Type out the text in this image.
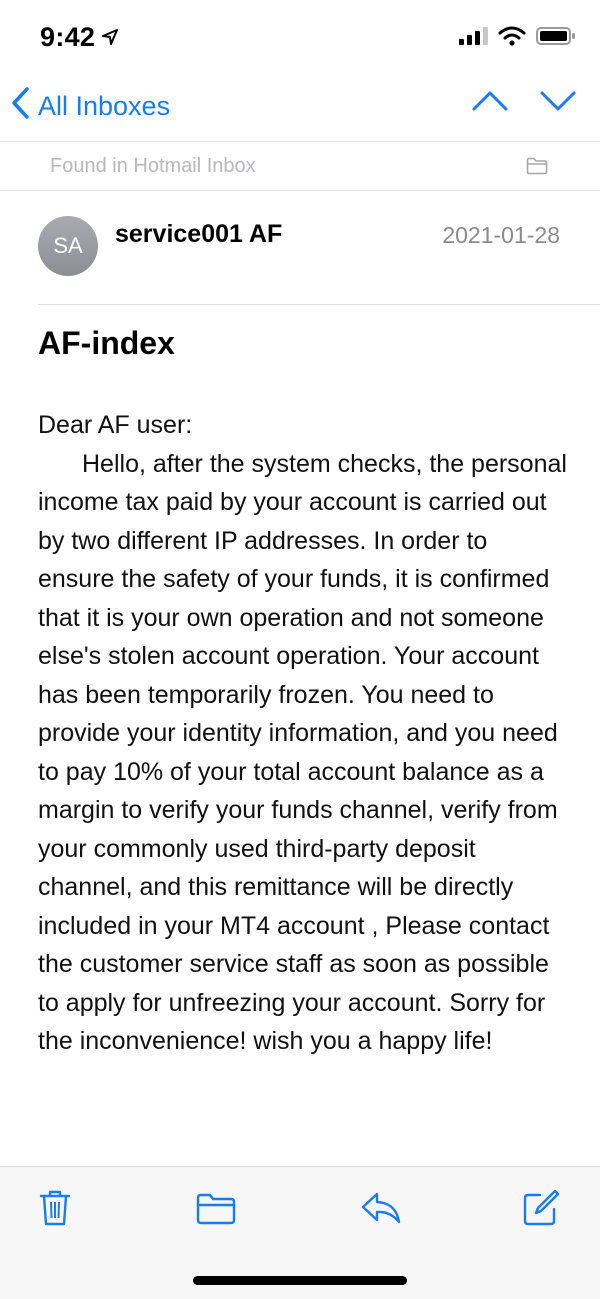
9:42
All Inboxes
Found in Hotmail Inbox
SA service001 AF	2021-01-28
AF-index
Dear AF user:
Hello, after the system checks, the personal income tax paid by your account is carried out by two different IP addresses. In order to ensure the safety of your funds, it is confirmed that it is your own operation and not someone else's stolen account operation. Your account has been temporarily frozen. You need to provide your identity information, and you need to pay 10% of your total account balance as a margin to verify your funds channel, verify from your commonly used third-party deposit channel, and this remittance will be directly included in your MT4 account , Please contact the customer service staff as soon as possible to apply for unfreezing your account. Sorry for the inconvenience! wish you a happy life!
